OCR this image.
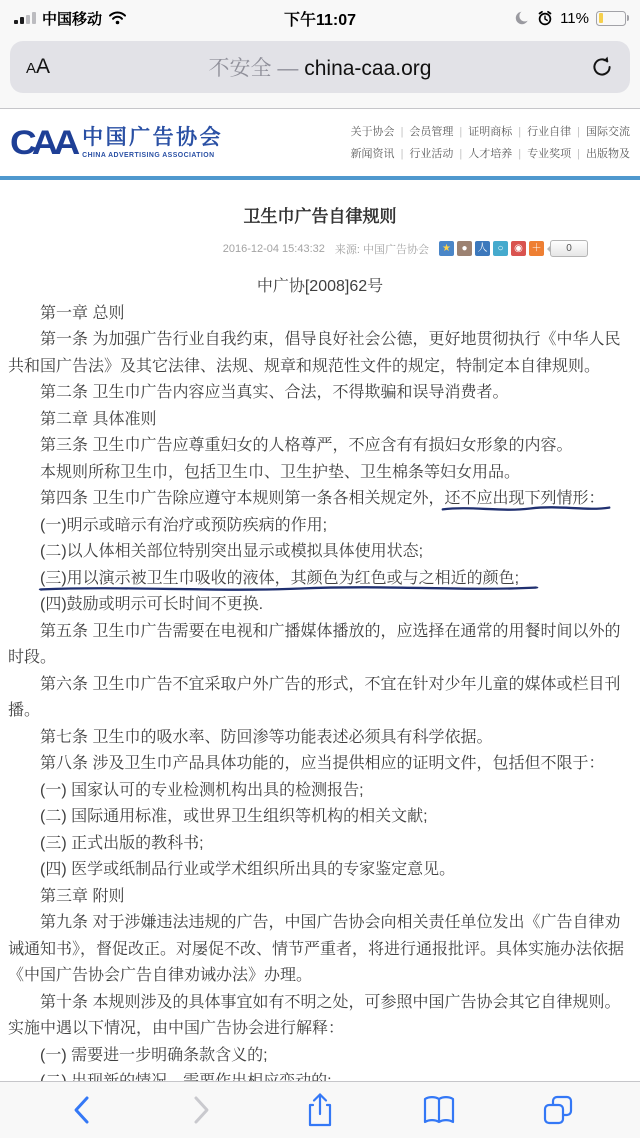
中国移动	下午11:07	11%
A A	不安全 — china-caa.org
CAA 中国广告协会
CHINA ADVERTISING ASSOCIATION
关于协会 | 会员管理 | 证明商标 | 行业自律 | 国际交流
新闻资讯 | 行业活动 | 人才培养 | 专业奖项 | 出版物及
卫生巾广告自律规则
2016-12-04 15:43:32 来源: 中国广告协会	★	● 人 ○	◉ ＋	0

中广协[2008]62号

第一章 总则

第一条 为加强广告行业自我约束，倡导良好社会公德，更好地贯彻执行《中华人民共和国广告法》及其它法律、法规、规章和规范性文件的规定，特制定本自律规则。

第二条 卫生巾广告内容应当真实、合法，不得欺骗和误导消费者。

第二章 具体准则

第三条 卫生巾广告应尊重妇女的人格尊严，不应含有有损妇女形象的内容。

本规则所称卫生巾，包括卫生巾、卫生护垫、卫生棉条等妇女用品。

第四条 卫生巾广告除应遵守本规则第一条各相关规定外，还不应出现下列情形：

(一)明示或暗示有治疗或预防疾病的作用;

(二)以人体相关部位特别突出显示或模拟具体使用状态;

(三)用以演示被卫生巾吸收的液体，其颜色为红色或与之相近的颜色;

(四)鼓励或明示可长时间不更换.

第五条 卫生巾广告需要在电视和广播媒体播放的，应选择在通常的用餐时间以外的时段。

第六条 卫生巾广告不宜采取户外广告的形式，不宜在针对少年儿童的媒体或栏目刊播。

第七条 卫生巾的吸水率、防回渗等功能表述必须具有科学依据。

第八条 涉及卫生巾产品具体功能的，应当提供相应的证明文件，包括但不限于：

(一) 国家认可的专业检测机构出具的检测报告;

(二) 国际通用标准，或世界卫生组织等机构的相关文献;

(三) 正式出版的教科书;

(四) 医学或纸制品行业或学术组织所出具的专家鉴定意见。

第三章 附则

第九条 对于涉嫌违法违规的广告，中国广告协会向相关责任单位发出《广告自律劝诫通知书》，督促改正。对屡促不改、情节严重者，将进行通报批评。具体实施办法依据《中国广告协会广告自律劝诫办法》办理。

第十条 本规则涉及的具体事宜如有不明之处，可参照中国广告协会其它自律规则。实施中遇以下情况，由中国广告协会进行解释：

(一) 需要进一步明确条款含义的;
